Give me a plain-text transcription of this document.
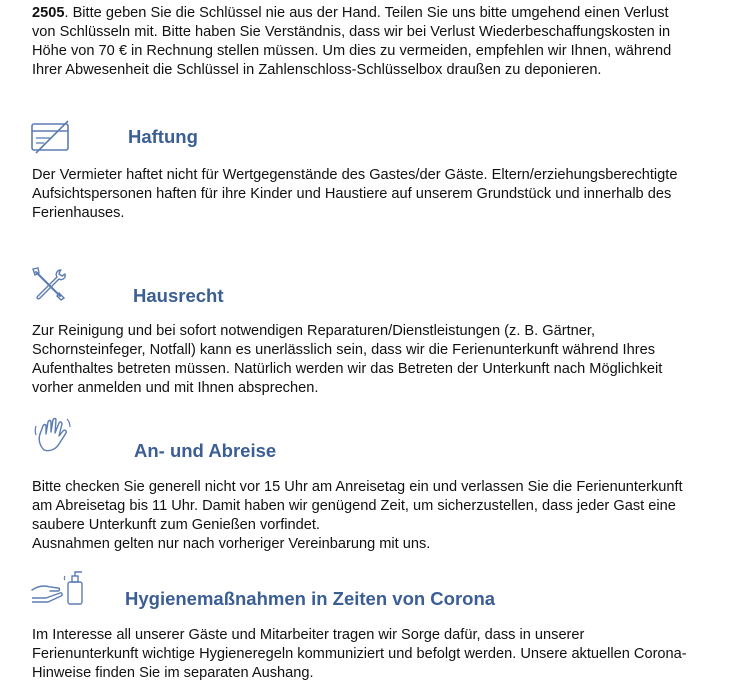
2505. Bitte geben Sie die Schlüssel nie aus der Hand. Teilen Sie uns bitte umgehend einen Verlust
von Schlüsseln mit. Bitte haben Sie Verständnis, dass wir bei Verlust Wiederbeschaffungskosten in
Höhe von 70 € in Rechnung stellen müssen. Um dies zu vermeiden, empfehlen wir Ihnen, während
Ihrer Abwesenheit die Schlüssel in Zahlenschloss-Schlüsselbox draußen zu deponieren.
Haftung
Der Vermieter haftet nicht für Wertgegenstände des Gastes/der Gäste. Eltern/erziehungsberechtigte
Aufsichtspersonen haften für ihre Kinder und Haustiere auf unserem Grundstück und innerhalb des
Ferienhauses.
Hausrecht
Zur Reinigung und bei sofort notwendigen Reparaturen/Dienstleistungen (z. B. Gärtner,
Schornsteinfeger, Notfall) kann es unerlässlich sein, dass wir die Ferienunterkunft während Ihres
Aufenthaltes betreten müssen. Natürlich werden wir das Betreten der Unterkunft nach Möglichkeit
vorher anmelden und mit Ihnen absprechen.
An- und Abreise
Bitte checken Sie generell nicht vor 15 Uhr am Anreisetag ein und verlassen Sie die Ferienunterkunft
am Abreisetag bis 11 Uhr. Damit haben wir genügend Zeit, um sicherzustellen, dass jeder Gast eine
saubere Unterkunft zum Genießen vorfindet.
Ausnahmen gelten nur nach vorheriger Vereinbarung mit uns.
Hygienemaßnahmen in Zeiten von Corona
Im Interesse all unserer Gäste und Mitarbeiter tragen wir Sorge dafür, dass in unserer
Ferienunterkunft wichtige Hygieneregeln kommuniziert und befolgt werden. Unsere aktuellen Corona-
Hinweise finden Sie im separaten Aushang.
